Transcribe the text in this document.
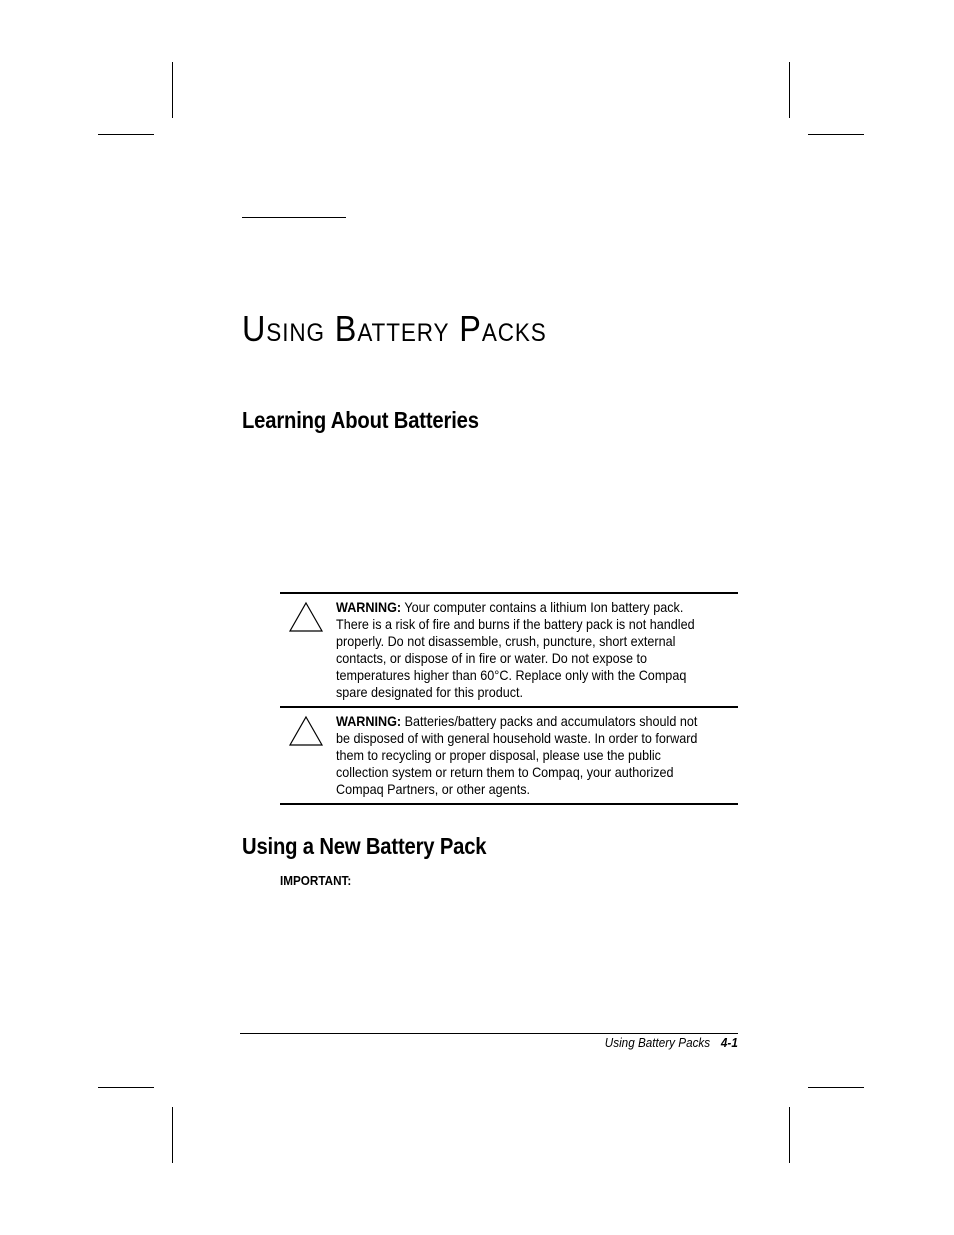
Using Battery Packs
Learning About Batteries
WARNING: Your computer contains a lithium Ion battery pack. There is a risk of fire and burns if the battery pack is not handled properly. Do not disassemble, crush, puncture, short external contacts, or dispose of in fire or water. Do not expose to temperatures higher than 60°C. Replace only with the Compaq spare designated for this product.
WARNING: Batteries/battery packs and accumulators should not be disposed of with general household waste. In order to forward them to recycling or proper disposal, please use the public collection system or return them to Compaq, your authorized Compaq Partners, or other agents.
Using a New Battery Pack
IMPORTANT:
Using Battery Packs 4-1
